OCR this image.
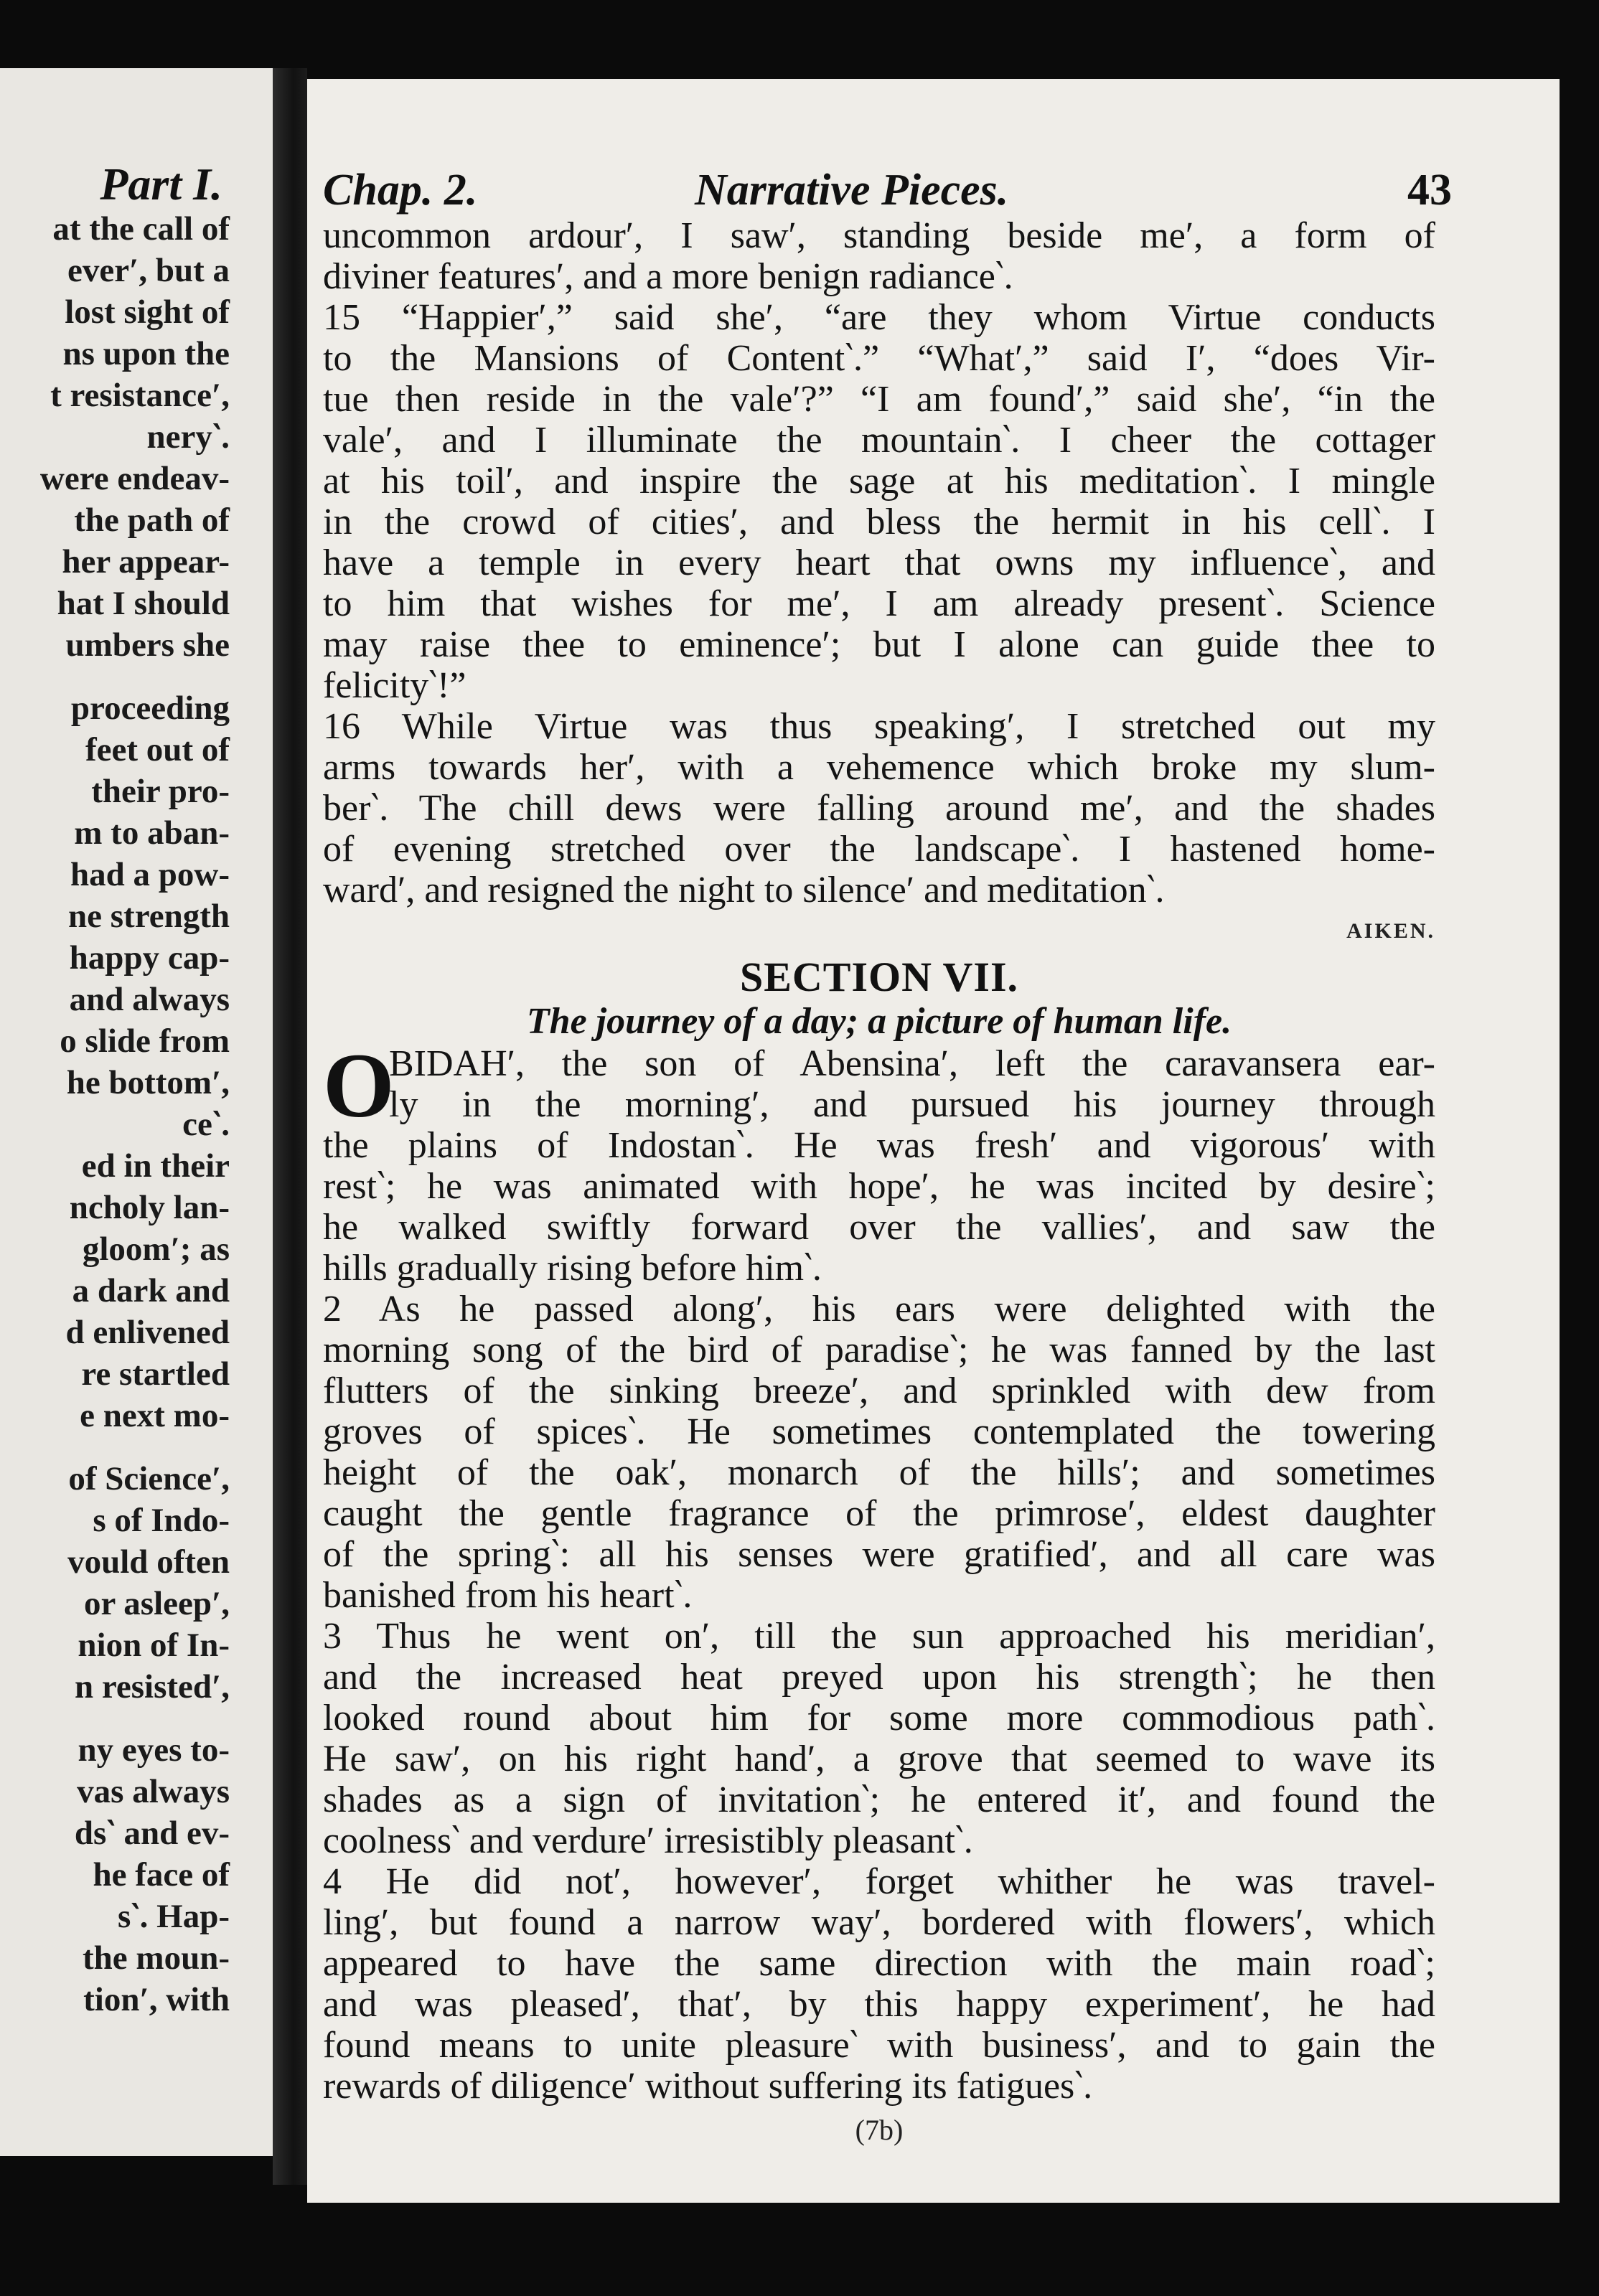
Part I.
at the call of
ever′, but a
lost sight of
ns upon the
t resistance′,
nery‵.
were endeav-
the path of
her appear-
hat I should
umbers she
proceeding
feet out of
their pro-
m to aban-
had a pow-
ne strength
happy cap-
and always
o slide from
he bottom′,
ce‵.
ed in their
ncholy lan-
gloom′; as
a dark and
d enlivened
re startled
e next mo-
of Science′,
s of Indo-
vould often
or asleep′,
nion of In-
n resisted′,
ny eyes to-
vas always
ds‵ and ev-
he face of
s‵. Hap-
the moun-
tion′, with
Chap. 2.	Narrative Pieces.	43
uncommon ardour′, I saw′, standing beside me′, a form of
diviner features′, and a more benign radiance‵.
15 “Happier′,” said she′, “are they whom Virtue conducts
to the Mansions of Content‵.” “What′,” said I′, “does Vir-
tue then reside in the vale′?” “I am found′,” said she′, “in the
vale′, and I illuminate the mountain‵. I cheer the cottager
at his toil′, and inspire the sage at his meditation‵. I mingle
in the crowd of cities′, and bless the hermit in his cell‵. I
have a temple in every heart that owns my influence‵, and
to him that wishes for me′, I am already present‵. Science
may raise thee to eminence′; but I alone can guide thee to
felicity‵!”
16 While Virtue was thus speaking′, I stretched out my
arms towards her′, with a vehemence which broke my slum-
ber‵. The chill dews were falling around me′, and the shades
of evening stretched over the landscape‵. I hastened home-
ward′, and resigned the night to silence′ and meditation‵.
AIKEN.
SECTION VII.
The journey of a day; a picture of human life.
O
BIDAH′, the son of Abensina′, left the caravansera ear-
ly in the morning′, and pursued his journey through
the plains of Indostan‵. He was fresh′ and vigorous′ with
rest‵; he was animated with hope′, he was incited by desire‵;
he walked swiftly forward over the vallies′, and saw the
hills gradually rising before him‵.
2 As he passed along′, his ears were delighted with the
morning song of the bird of paradise‵; he was fanned by the last
flutters of the sinking breeze′, and sprinkled with dew from
groves of spices‵. He sometimes contemplated the towering
height of the oak′, monarch of the hills′; and sometimes
caught the gentle fragrance of the primrose′, eldest daughter
of the spring‵: all his senses were gratified′, and all care was
banished from his heart‵.
3 Thus he went on′, till the sun approached his meridian′,
and the increased heat preyed upon his strength‵; he then
looked round about him for some more commodious path‵.
He saw′, on his right hand′, a grove that seemed to wave its
shades as a sign of invitation‵; he entered it′, and found the
coolness‵ and verdure′ irresistibly pleasant‵.
4 He did not′, however′, forget whither he was travel-
ling′, but found a narrow way′, bordered with flowers′, which
appeared to have the same direction with the main road‵;
and was pleased′, that′, by this happy experiment′, he had
found means to unite pleasure‵ with business′, and to gain the
rewards of diligence′ without suffering its fatigues‵.
(7b)
